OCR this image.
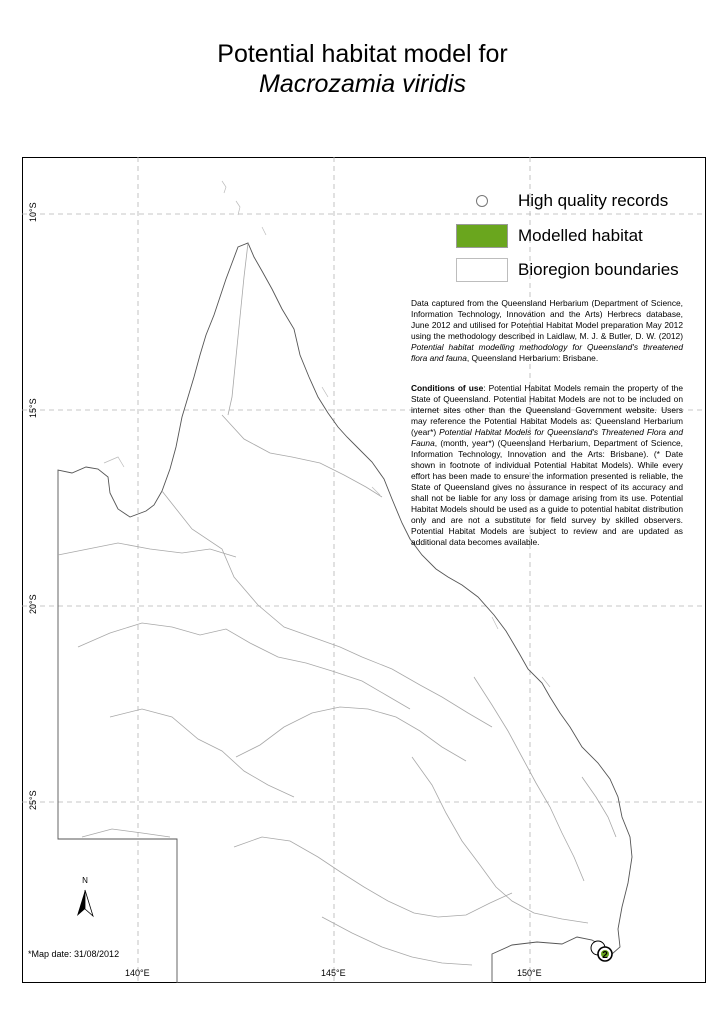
Potential habitat model for
Macrozamia viridis
2
10°S
15°S
20°S
25°S
140°E	145°E	150°E
High quality records
Modelled habitat
Bioregion boundaries

Data captured from the Queensland Herbarium (Department of Science, Information Technology, Innovation and the Arts) Herbrecs database, June 2012 and utilised for Potential Habitat Model preparation May 2012 using the methodology described in Laidlaw, M. J. & Butler, D. W. (2012) Potential habitat modelling methodology for Queensland's threatened flora and fauna, Queensland Herbarium: Brisbane.

Conditions of use: Potential Habitat Models remain the property of the State of Queensland. Potential Habitat Models are not to be included on internet sites other than the Queensland Government website. Users may reference the Potential Habitat Models as: Queensland Herbarium (year*) Potential Habitat Models for Queensland's Threatened Flora and Fauna, (month, year*) (Queensland Herbarium, Department of Science, Information Technology, Innovation and the Arts: Brisbane). (* Date shown in footnote of individual Potential Habitat Models). While every effort has been made to ensure the information presented is reliable, the State of Queensland gives no assurance in respect of its accuracy and shall not be liable for any loss or damage arising from its use. Potential Habitat Models should be used as a guide to potential habitat distribution only and are not a substitute for field survey by skilled observers. Potential Habitat Models are subject to review and are updated as additional data becomes available.

N
*Map date: 31/08/2012
